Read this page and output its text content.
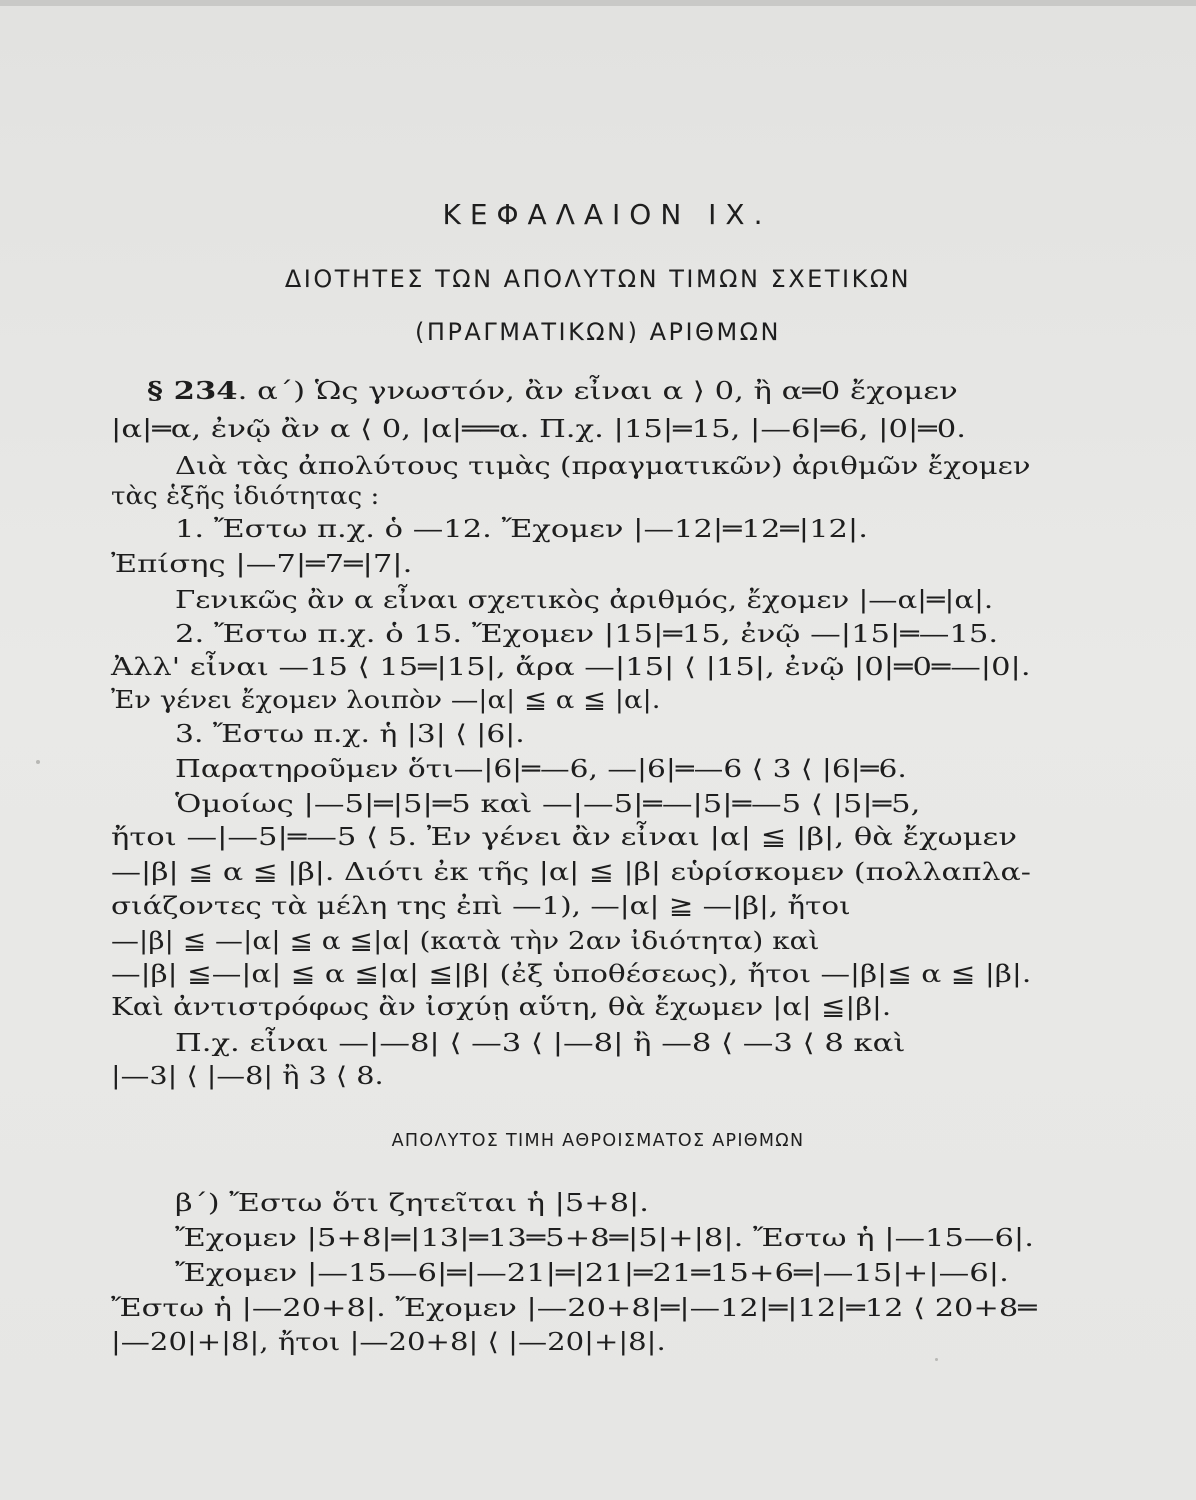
ΚΕΦΑΛΑΙΟΝ ΙΧ.
ΔΙΟΤΗΤΕΣ ΤΩΝ ΑΠΟΛΥΤΩΝ ΤΙΜΩΝ ΣΧΕΤΙΚΩΝ
(ΠΡΑΓΜΑΤΙΚΩΝ) ΑΡΙΘΜΩΝ
§ 234. α΄) Ὡς γνωστόν, ἂν εἶναι α ⟩ 0, ἢ α═0 ἔχομεν
|α|═α, ἐνῷ ἂν α ⟨ 0, |α|══α. Π.χ. |15|═15, |—6|═6, |0|═0.
Διὰ τὰς ἀπολύτους τιμὰς (πραγματικῶν) ἀριθμῶν ἔχομεν
τὰς ἑξῆς ἰδιότητας :
1. Ἔστω π.χ. ὁ —12. Ἔχομεν |—12|═12═|12|.
Ἐπίσης |—7|═7═|7|.
Γενικῶς ἂν α εἶναι σχετικὸς ἀριθμός, ἔχομεν |—α|═|α|.
2. Ἔστω π.χ. ὁ 15. Ἔχομεν |15|═15, ἐνῷ —|15|═—15.
Ἀλλ' εἶναι —15 ⟨ 15═|15|, ἄρα —|15| ⟨ |15|, ἐνῷ |0|═0═—|0|.
Ἐν γένει ἔχομεν λοιπὸν —|α| ≦ α ≦ |α|.
3. Ἔστω π.χ. ἡ |3| ⟨ |6|.
Παρατηροῦμεν ὅτι—|6|═—6, —|6|═—6 ⟨ 3 ⟨ |6|═6.
Ὁμοίως |—5|═|5|═5 καὶ —|—5|═—|5|═—5 ⟨ |5|═5,
ἤτοι —|—5|═—5 ⟨ 5. Ἐν γένει ἂν εἶναι |α| ≦ |β|, θὰ ἔχωμεν
—|β| ≦ α ≦ |β|. Διότι ἐκ τῆς |α| ≦ |β| εὑρίσκομεν (πολλαπλα-
σιάζοντες τὰ μέλη της ἐπὶ —1), —|α| ≧ —|β|, ἤτοι
—|β| ≦ —|α| ≦ α ≦|α| (κατὰ τὴν 2αν ἰδιότητα) καὶ
—|β| ≦—|α| ≦ α ≦|α| ≦|β| (ἐξ ὑποθέσεως), ἤτοι —|β|≦ α ≦ |β|.
Καὶ ἀντιστρόφως ἂν ἰσχύῃ αὕτη, θὰ ἔχωμεν |α| ≦|β|.
Π.χ. εἶναι —|—8| ⟨ —3 ⟨ |—8| ἢ —8 ⟨ —3 ⟨ 8 καὶ
|—3| ⟨ |—8| ἢ 3 ⟨ 8.
ΑΠΟΛΥΤΟΣ ΤΙΜΗ ΑΘΡΟΙΣΜΑΤΟΣ ΑΡΙΘΜΩΝ
β΄) Ἔστω ὅτι ζητεῖται ἡ |5+8|.
Ἔχομεν |5+8|═|13|═13═5+8═|5|+|8|. Ἔστω ἡ |—15—6|.
Ἔχομεν |—15—6|═|—21|═|21|═21═15+6═|—15|+|—6|.
Ἔστω ἡ |—20+8|. Ἔχομεν |—20+8|═|—12|═|12|═12 ⟨ 20+8═
|—20|+|8|, ἤτοι |—20+8| ⟨ |—20|+|8|.
